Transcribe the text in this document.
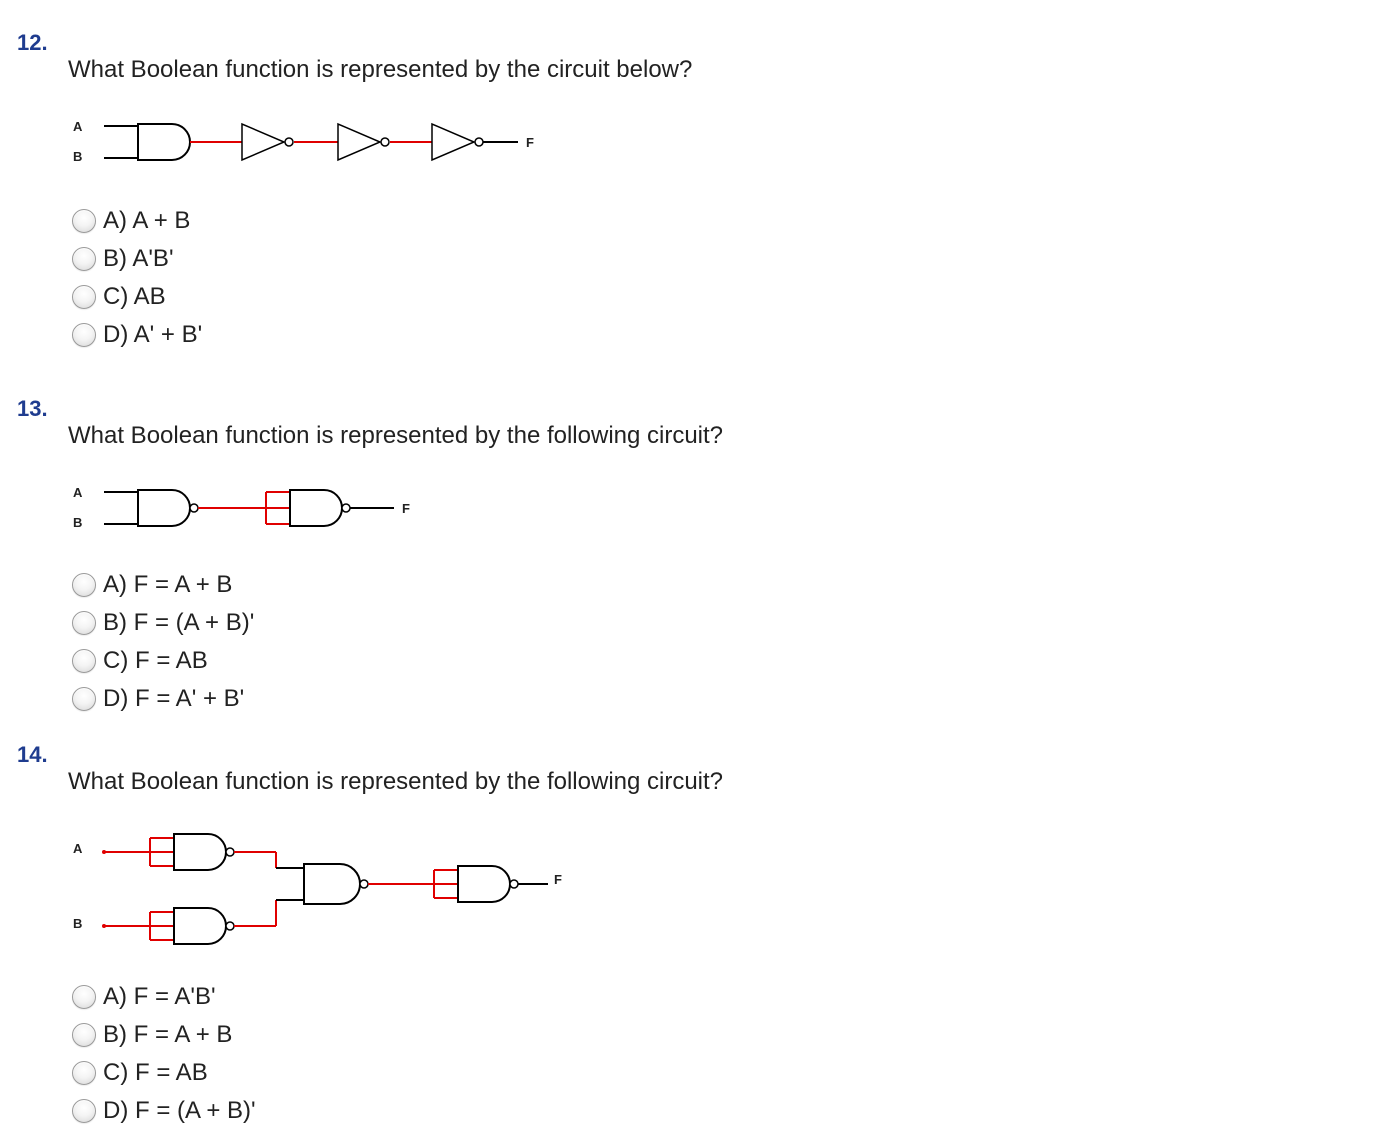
12.
What Boolean function is represented by the circuit below?
A
B
F
A) A + B
B) A'B'
C) AB
D) A' + B'
13.
What Boolean function is represented by the following circuit?
A
B
F
A) F = A + B
B) F = (A + B)'
C) F = AB
D) F = A' + B'
14.
What Boolean function is represented by the following circuit?
A
B
F
A) F = A'B'
B) F = A + B
C) F = AB
D) F = (A + B)'
